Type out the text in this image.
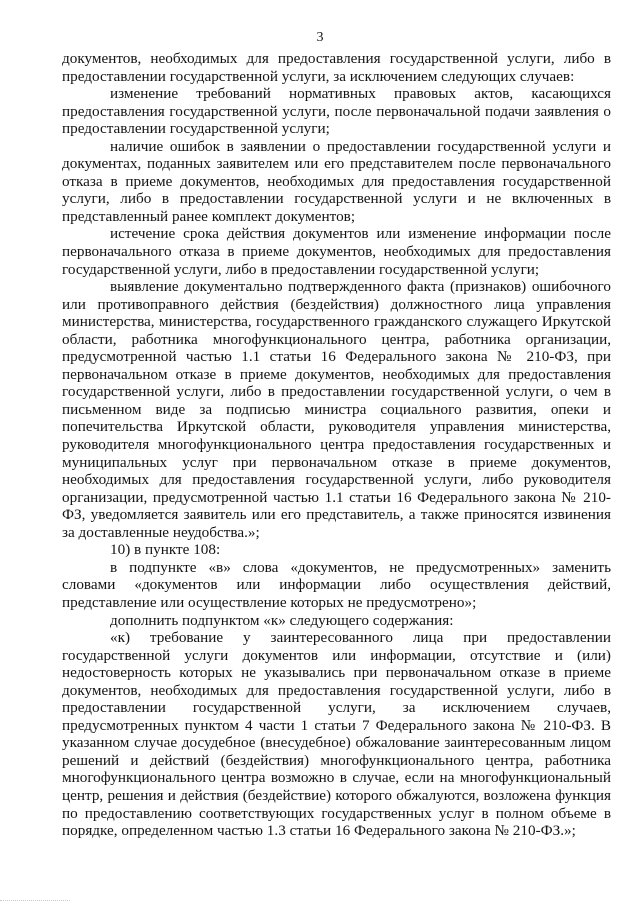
3

документов, необходимых для предоставления государственной услуги, либо в предоставлении государственной услуги, за исключением следующих случаев:

изменение требований нормативных правовых актов, касающихся предоставления государственной услуги, после первоначальной подачи заявления о предоставлении государственной услуги;

наличие ошибок в заявлении о предоставлении государственной услуги и документах, поданных заявителем или его представителем после первоначального отказа в приеме документов, необходимых для предоставления государственной услуги, либо в предоставлении государственной услуги и не включенных в представленный ранее комплект документов;

истечение срока действия документов или изменение информации после первоначального отказа в приеме документов, необходимых для предоставления государственной услуги, либо в предоставлении государственной услуги;

выявление документально подтвержденного факта (признаков) ошибочного или противоправного действия (бездействия) должностного лица управления министерства, министерства, государственного гражданского служащего Иркутской области, работника многофункционального центра, работника организации, предусмотренной частью 1.1 статьи 16 Федерального закона № 210-ФЗ, при первоначальном отказе в приеме документов, необходимых для предоставления государственной услуги, либо в предоставлении государственной услуги, о чем в письменном виде за подписью министра социального развития, опеки и попечительства Иркутской области, руководителя управления министерства, руководителя многофункционального центра предоставления государственных и муниципальных услуг при первоначальном отказе в приеме документов, необходимых для предоставления государственной услуги, либо руководителя организации, предусмотренной частью 1.1 статьи 16 Федерального закона № 210-ФЗ, уведомляется заявитель или его представитель, а также приносятся извинения за доставленные неудобства.»;

10) в пункте 108:

в подпункте «в» слова «документов, не предусмотренных» заменить словами «документов или информации либо осуществления действий, представление или осуществление которых не предусмотрено»;

дополнить подпунктом «к» следующего содержания:

«к) требование у заинтересованного лица при предоставлении государственной услуги документов или информации, отсутствие и (или) недостоверность которых не указывались при первоначальном отказе в приеме документов, необходимых для предоставления государственной услуги, либо в предоставлении государственной услуги, за исключением случаев, предусмотренных пунктом 4 части 1 статьи 7 Федерального закона № 210-ФЗ. В указанном случае досудебное (внесудебное) обжалование заинтересованным лицом решений и действий (бездействия) многофункционального центра, работника многофункционального центра возможно в случае, если на многофункциональный центр, решения и действия (бездействие) которого обжалуются, возложена функция по предоставлению соответствующих государственных услуг в полном объеме в порядке, определенном частью 1.3 статьи 16 Федерального закона № 210-ФЗ.»;
